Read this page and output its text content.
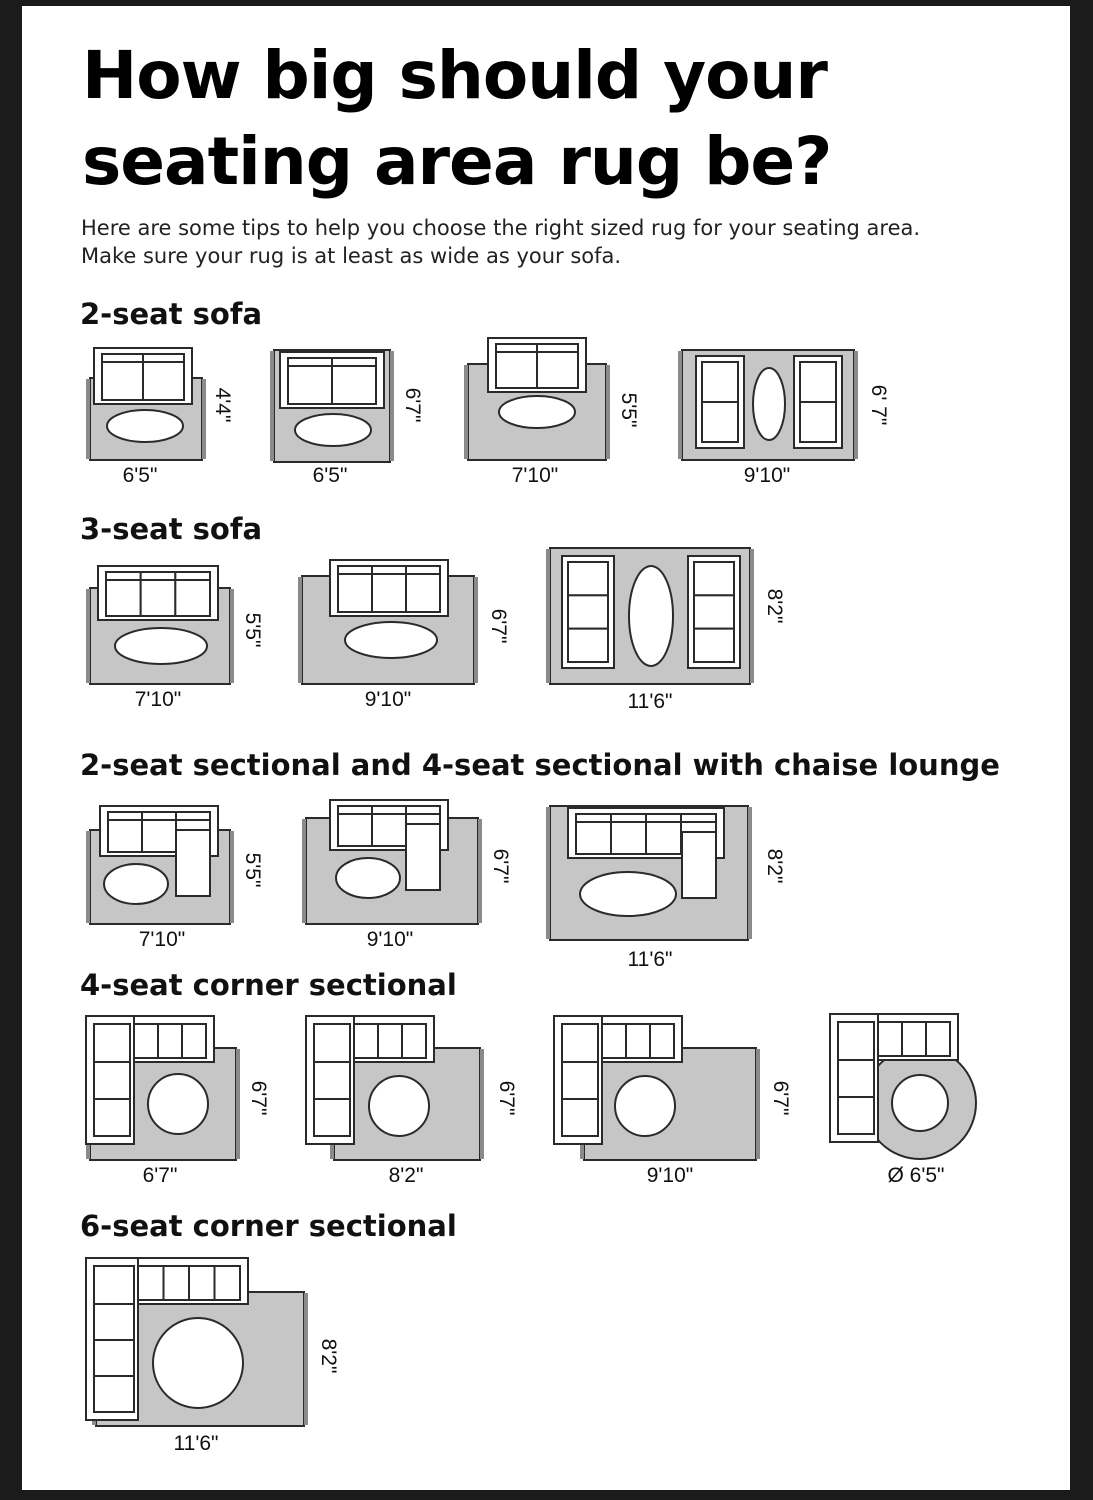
How big should your
seating area rug be?
Here are some tips to help you choose the right sized rug for your seating area.
Make sure your rug is at least as wide as your sofa.
2-seat sofa
3-seat sofa
2-seat sectional and 4-seat sectional with chaise lounge
4-seat corner sectional
6-seat corner sectional
6'5"
4'4"
6'5"
6'7"
7'10"
5'5"
9'10"
6' 7"
7'10"
5'5"
9'10"
6'7"
11'6"
8'2"
7'10"
5'5"
9'10"
6'7"
11'6"
8'2"
6'7"
6'7"
8'2"
6'7"
9'10"
6'7"
Ø 6'5"
11'6"
8'2"
